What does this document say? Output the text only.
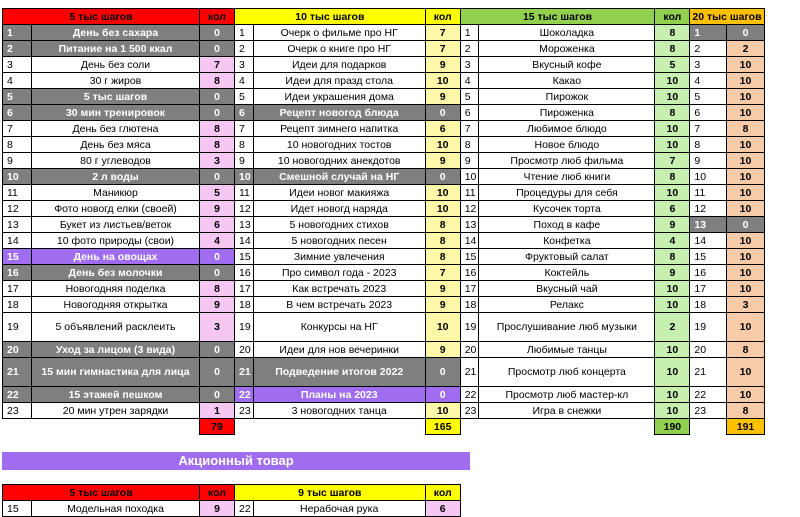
5 тыс шагов		кол	10 тыс шагов		кол	15 тыс шагов		кол	20 тыс шагов	
1	День без сахара	0	1	Очерк о фильме про НГ	7	1	Шоколадка	8	1	0
2	Питание на 1 500 ккал	0	2	Очерк о книге про НГ	7	2	Мороженка	8	2	2
3	День без соли	7	3	Идеи для подарков	9	3	Вкусный кофе	5	3	10
4	30 г жиров	8	4	Идеи для празд стола	10	4	Какао	10	4	10
5	5 тыс шагов	0	5	Идеи украшения дома	9	5	Пирожок	10	5	10
6	30 мин тренировок	0	6	Рецепт новогод блюда	0	6	Пироженка	8	6	10
7	День без глютена	8	7	Рецепт зимнего напитка	6	7	Любимое блюдо	10	7	8
8	День без мяса	8	8	10 новогодних тостов	10	8	Новое блюдо	10	8	10
9	80 г углеводов	3	9	10 новогодних анекдотов	9	9	Просмотр люб фильма	7	9	10
10	2 л воды	0	10	Смешной случай на НГ	0	10	Чтение люб книги	8	10	10
11	Маникюр	5	11	Идеи новог макияжа	10	11	Процедуры для себя	10	11	10
12	Фото новогд елки (своей)	9	12	Идет новогд наряда	10	12	Кусочек торта	6	12	10
13	Букет из листьев/веток	6	13	5 новогодних стихов	8	13	Поход в кафе	9	13	0
14	10 фото природы (свои)	4	14	5 новогодних песен	8	14	Конфетка	4	14	10
15	День на овощах	0	15	Зимние увлечения	8	15	Фруктовый салат	8	15	10
16	День без молочки	0	16	Про символ года - 2023	7	16	Коктейль	9	16	10
17	Новогодняя поделка	8	17	Как встречать 2023	9	17	Вкусный чай	10	17	10
18	Новогодняя открытка	9	18	В чем встречать 2023	9	18	Релакс	10	18	3
19	5 объявлений расклеить	3	19	Конкурсы на НГ	10	19	Прослушивание люб музыки	2	19	10
20	Уход за лицом (3 вида)	0	20	Идеи для нов вечеринки	9	20	Любимые танцы	10	20	8
21	15 мин гимнастика для лица	0	21	Подведение итогов 2022	0	21	Просмотр люб концерта	10	21	10
22	15 этажей пешком	0	22	Планы на 2023	0	22	Просмотр люб мастер-кл	10	22	10
23	20 мин утрен зарядки	1	23	3 новогодних танца	10	23	Игра в снежки	10	23	8
		79			165			190		191
Акционный товар
5 тыс шагов		кол	9 тыс шагов		кол
15	Модельная походка	9	22	Нерабочая рука	6
